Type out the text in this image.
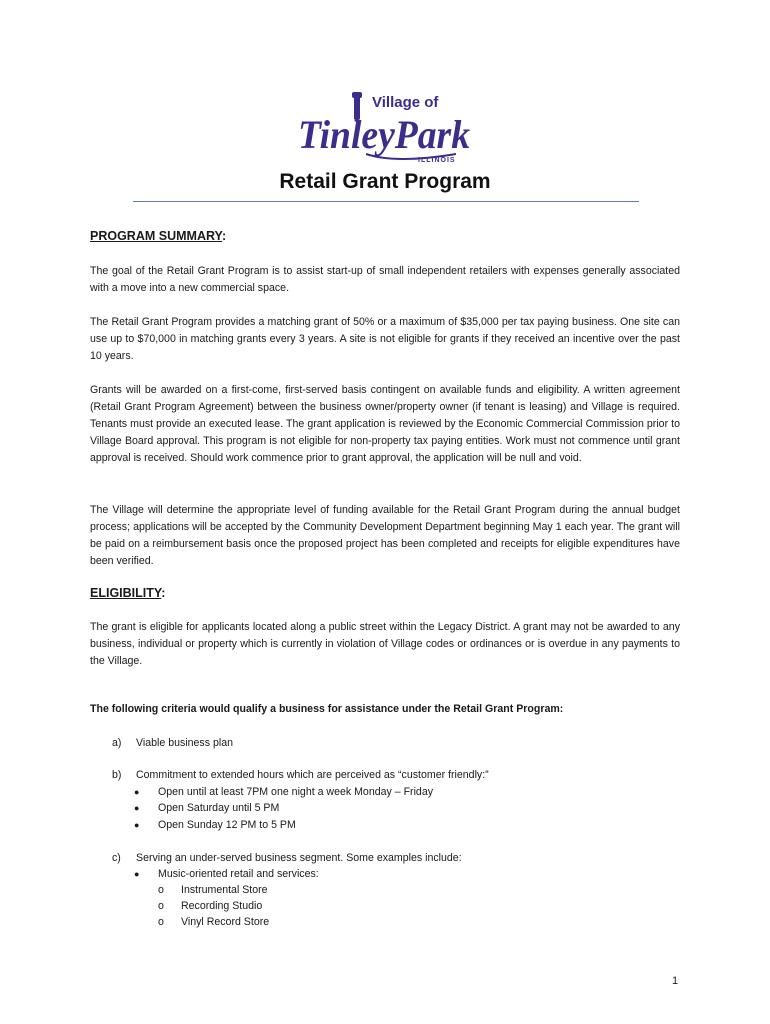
Village of
TinleyPark
ILLINOIS
Retail Grant Program
PROGRAM SUMMARY:
The goal of the Retail Grant Program is to assist start-up of small independent retailers with expenses generally associated with a move into a new commercial space.
The Retail Grant Program provides a matching grant of 50% or a maximum of $35,000 per tax paying business. One site can use up to $70,000 in matching grants every 3 years. A site is not eligible for grants if they received an incentive over the past 10 years.
Grants will be awarded on a first-come, first-served basis contingent on available funds and eligibility. A written agreement (Retail Grant Program Agreement) between the business owner/property owner (if tenant is leasing) and Village is required. Tenants must provide an executed lease. The grant application is reviewed by the Economic Commercial Commission prior to Village Board approval. This program is not eligible for non-property tax paying entities. Work must not commence until grant approval is received. Should work commence prior to grant approval, the application will be null and void.
The Village will determine the appropriate level of funding available for the Retail Grant Program during the annual budget process; applications will be accepted by the Community Development Department beginning May 1 each year. The grant will be paid on a reimbursement basis once the proposed project has been completed and receipts for eligible expenditures have been verified.
ELIGIBILITY:
The grant is eligible for applicants located along a public street within the Legacy District. A grant may not be awarded to any business, individual or property which is currently in violation of Village codes or ordinances or is overdue in any payments to the Village.
The following criteria would qualify a business for assistance under the Retail Grant Program:
a) Viable business plan
b) Commitment to extended hours which are perceived as “customer friendly:”
● Open until at least 7PM one night a week Monday – Friday
● Open Saturday until 5 PM
● Open Sunday 12 PM to 5 PM
c) Serving an under-served business segment. Some examples include:
● Music-oriented retail and services:
o Instrumental Store
o Recording Studio
o Vinyl Record Store
1
